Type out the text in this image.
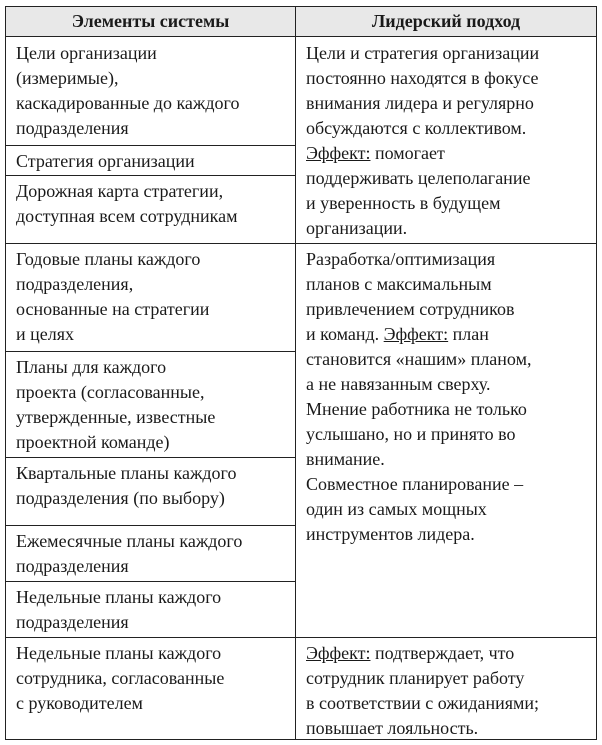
Элементы системы	Лидерский подход
Цели организации
(измеримые),
каскадированные до каждого
подразделения
Стратегия организации
Дорожная карта стратегии,
доступная всем сотрудникам
Годовые планы каждого
подразделения,
основанные на стратегии
и целях
Планы для каждого
проекта (согласованные,
утвержденные, известные
проектной команде)
Квартальные планы каждого
подразделения (по выбору)
Ежемесячные планы каждого
подразделения
Недельные планы каждого
подразделения
Недельные планы каждого
сотрудника, согласованные
с руководителем
Цели и стратегия организации
постоянно находятся в фокусе
внимания лидера и регулярно
обсуждаются с коллективом.
Эффект: помогает
поддерживать целеполагание
и уверенность в будущем
организации.
Разработка/оптимизация
планов с максимальным
привлечением сотрудников
и команд. Эффект: план
становится «нашим» планом,
а не навязанным сверху.
Мнение работника не только
услышано, но и принято во
внимание.
Совместное планирование –
один из самых мощных
инструментов лидера.
Эффект: подтверждает, что
сотрудник планирует работу
в соответствии с ожиданиями;
повышает лояльность.
